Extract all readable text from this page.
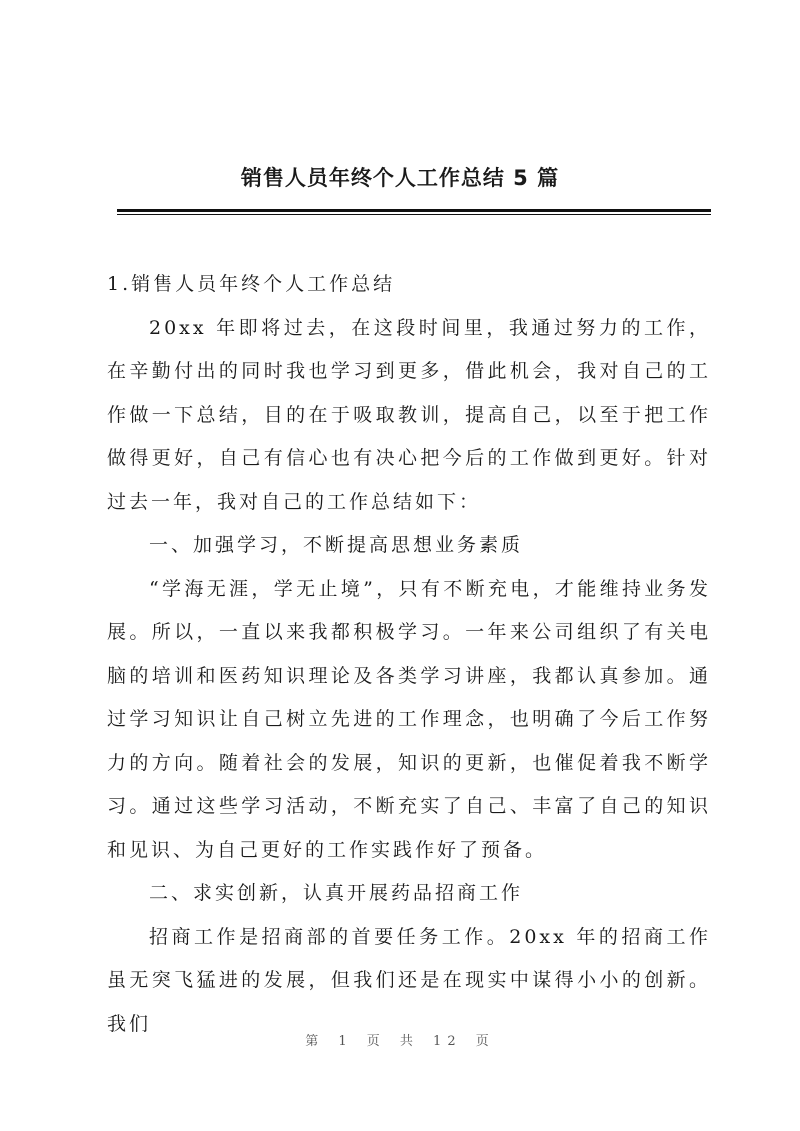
销售人员年终个人工作总结 5 篇

1.销售人员年终个人工作总结

20xx 年即将过去，在这段时间里，我通过努力的工作，在辛勤付出的同时我也学习到更多，借此机会，我对自己的工作做一下总结，目的在于吸取教训，提高自己，以至于把工作做得更好，自己有信心也有决心把今后的工作做到更好。针对过去一年，我对自己的工作总结如下：

一、加强学习，不断提高思想业务素质

“学海无涯，学无止境”，只有不断充电，才能维持业务发展。所以，一直以来我都积极学习。一年来公司组织了有关电脑的培训和医药知识理论及各类学习讲座，我都认真参加。通过学习知识让自己树立先进的工作理念，也明确了今后工作努力的方向。随着社会的发展，知识的更新，也催促着我不断学习。通过这些学习活动，不断充实了自己、丰富了自己的知识和见识、为自己更好的工作实践作好了预备。

二、求实创新，认真开展药品招商工作

招商工作是招商部的首要任务工作。20xx 年的招商工作虽无突飞猛进的发展，但我们还是在现实中谋得小小的创新。我们

第 1 页 共 12 页
